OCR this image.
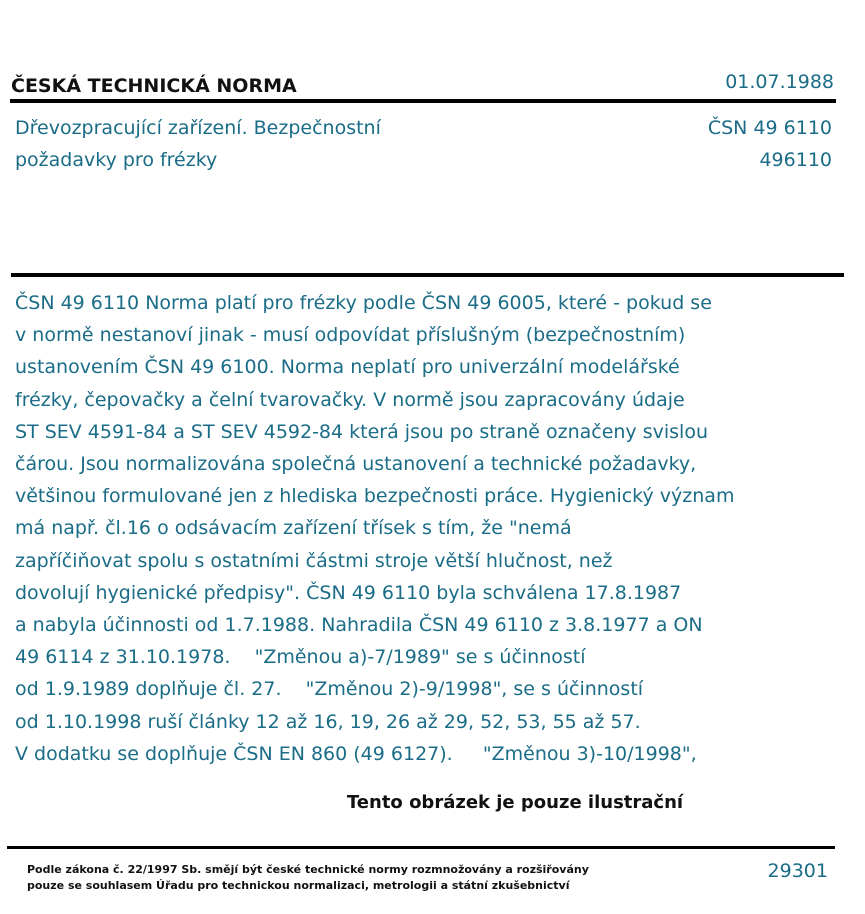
ČESKÁ TECHNICKÁ NORMA	01.07.1988
Dřevozpracující zařízení. Bezpečnostní
požadavky pro frézky
ČSN 49 6110
496110
ČSN 49 6110 Norma platí pro frézky podle ČSN 49 6005, které - pokud se
v normě nestanoví jinak - musí odpovídat příslušným (bezpečnostním)
ustanovením ČSN 49 6100. Norma neplatí pro univerzální modelářské
frézky, čepovačky a čelní tvarovačky. V normě jsou zapracovány údaje
ST SEV 4591-84 a ST SEV 4592-84 která jsou po straně označeny svislou
čárou. Jsou normalizována společná ustanovení a technické požadavky,
většinou formulované jen z hlediska bezpečnosti práce. Hygienický význam
má např. čl.16 o odsávacím zařízení třísek s tím, že "nemá
zapříčiňovat spolu s ostatními částmi stroje větší hlučnost, než
dovolují hygienické předpisy". ČSN 49 6110 byla schválena 17.8.1987
a nabyla účinnosti od 1.7.1988. Nahradila ČSN 49 6110 z 3.8.1977 a ON
49 6114 z 31.10.1978.    "Změnou a)-7/1989" se s účinností
od 1.9.1989 doplňuje čl. 27.    "Změnou 2)-9/1998", se s účinností
od 1.10.1998 ruší články 12 až 16, 19, 26 až 29, 52, 53, 55 až 57.
V dodatku se doplňuje ČSN EN 860 (49 6127).     "Změnou 3)-10/1998",
Tento obrázek je pouze ilustrační
Podle zákona č. 22/1997 Sb. smějí být české technické normy rozmnožovány a rozšiřovány
pouze se souhlasem Úřadu pro technickou normalizaci, metrologii a státní zkušebnictví
29301
